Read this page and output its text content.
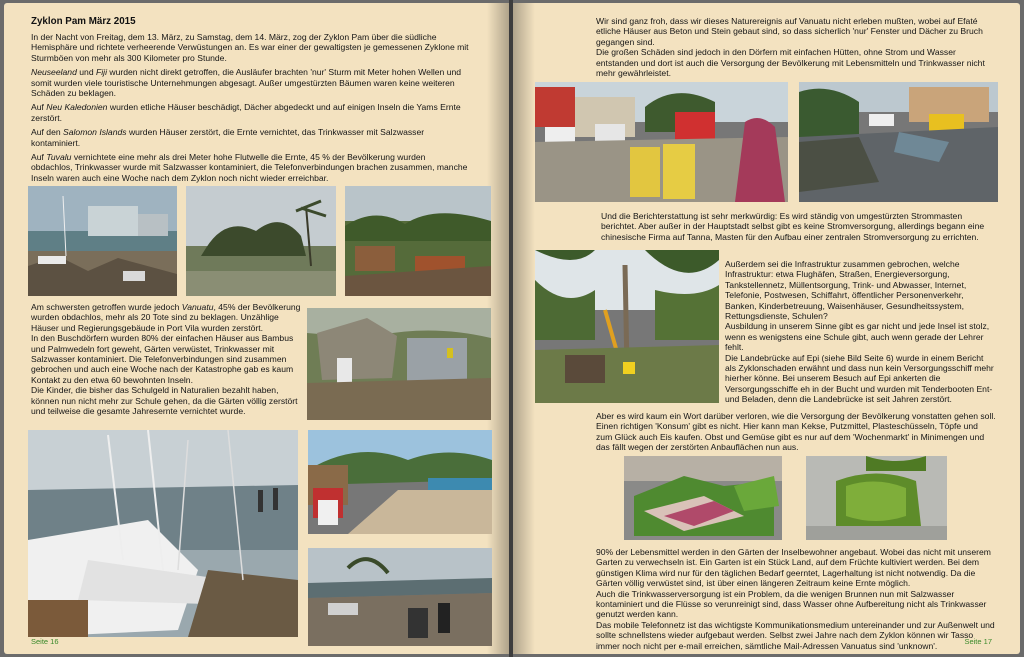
Zyklon Pam März 2015

In der Nacht von Freitag, dem 13. März, zu Samstag, dem 14. März, zog der Zyklon Pam über die südliche Hemisphäre und richtete verheerende Verwüstungen an. Es war einer der gewaltigsten je gemessenen Zyklone mit Sturmböen von mehr als 300 Kilometer pro Stunde.

Neuseeland und Fiji wurden nicht direkt getroffen, die Ausläufer brachten 'nur' Sturm mit Meter hohen Wellen und somit wurden viele touristische Unternehmungen abgesagt. Außer umgestürzten Bäumen waren keine weiteren Schäden zu beklagen.

Auf Neu Kaledonien wurden etliche Häuser beschädigt, Dächer abgedeckt und auf einigen Inseln die Yams Ernte zerstört.

Auf den Salomon Islands wurden Häuser zerstört, die Ernte vernichtet, das Trinkwasser mit Salzwasser kontaminiert.

Auf Tuvalu vernichtete eine mehr als drei Meter hohe Flutwelle die Ernte, 45 % der Bevölkerung wurden obdachlos, Trinkwasser wurde mit Salzwasser kontaminiert, die Telefonverbindungen brachen zusammen, manche Inseln waren auch eine Woche nach dem Zyklon noch nicht wieder erreichbar.

Am schwersten getroffen wurde jedoch Vanuatu, 45% der Bevölkerung wurden obdachlos, mehr als 20 Tote sind zu beklagen. Unzählige Häuser und Regierungsgebäude in Port Vila wurden zerstört.

In den Buschdörfern wurden 80% der einfachen Häuser aus Bambus und Palmwedeln fort geweht, Gärten verwüstet, Trinkwasser mit Salzwasser kontaminiert. Die Telefonverbindungen sind zusammen gebrochen und auch eine Woche nach der Katastrophe gab es kaum Kontakt zu den etwa 60 bewohnten Inseln.

Die Kinder, die bisher das Schulgeld in Naturalien bezahlt haben, können nun nicht mehr zur Schule gehen, da die Gärten völlig zerstört und teilweise die gesamte Jahresernte vernichtet wurde.

Seite 16

Wir sind ganz froh, dass wir dieses Naturereignis auf Vanuatu nicht erleben mußten, wobei auf Efaté etliche Häuser aus Beton und Stein gebaut sind, so dass sicherlich 'nur' Fenster und Dächer zu Bruch gegangen sind.

Die großen Schäden sind jedoch in den Dörfern mit einfachen Hütten, ohne Strom und Wasser entstanden und dort ist auch die Versorgung der Bevölkerung mit Lebensmitteln und Trinkwasser nicht mehr gewährleistet.

Und die Berichterstattung ist sehr merkwürdig: Es wird ständig von umgestürzten Strommasten berichtet. Aber außer in der Hauptstadt selbst gibt es keine Stromversorgung, allerdings begann eine chinesische Firma auf Tanna, Masten für den Aufbau einer zentralen Stromversorgung zu errichten.

Außerdem sei die Infrastruktur zusammen gebrochen, welche Infrastruktur: etwa Flughäfen, Straßen, Energieversorgung, Tankstellennetz, Müllentsorgung, Trink- und Abwasser, Internet, Telefonie, Postwesen, Schiffahrt, öffentlicher Personenverkehr, Banken, Kinderbetreuung, Waisenhäuser, Gesundheitssystem, Rettungsdienste, Schulen?

Ausbildung in unserem Sinne gibt es gar nicht und jede Insel ist stolz, wenn es wenigstens eine Schule gibt, auch wenn gerade der Lehrer fehlt.

Die Landebrücke auf Epi (siehe Bild Seite 6) wurde in einem Bericht als Zyklonschaden erwähnt und dass nun kein Versorgungsschiff mehr hierher könne. Bei unserem Besuch auf Epi ankerten die Versorgungsschiffe eh in der Bucht und wurden mit Tenderbooten Ent- und Beladen, denn die Landebrücke ist seit Jahren zerstört.

Aber es wird kaum ein Wort darüber verloren, wie die Versorgung der Bevölkerung vonstatten gehen soll. Einen richtigen 'Konsum' gibt es nicht. Hier kann man Kekse, Putzmittel, Plasteschüsseln, Töpfe und zum Glück auch Eis kaufen. Obst und Gemüse gibt es nur auf dem 'Wochenmarkt' in Minimengen und das fällt wegen der zerstörten Anbauflächen nun aus.

90% der Lebensmittel werden in den Gärten der Inselbewohner angebaut. Wobei das nicht mit unserem Garten zu verwechseln ist. Ein Garten ist ein Stück Land, auf dem Früchte kultiviert werden. Bei dem günstigen Klima wird nur für den täglichen Bedarf geerntet, Lagerhaltung ist nicht notwendig. Da die Gärten völlig verwüstet sind, ist über einen längeren Zeitraum keine Ernte möglich.

Auch die Trinkwasserversorgung ist ein Problem, da die wenigen Brunnen nun mit Salzwasser kontaminiert und die Flüsse so verunreinigt sind, dass Wasser ohne Aufbereitung nicht als Trinkwasser genutzt werden kann.

Das mobile Telefonnetz ist das wichtigste Kommunikationsmedium untereinander und zur Außenwelt und sollte schnellstens wieder aufgebaut werden. Selbst zwei Jahre nach dem Zyklon können wir Tasso immer noch nicht per e-mail erreichen, sämtliche Mail-Adressen Vanuatus sind 'unknown'.	Seite 17
